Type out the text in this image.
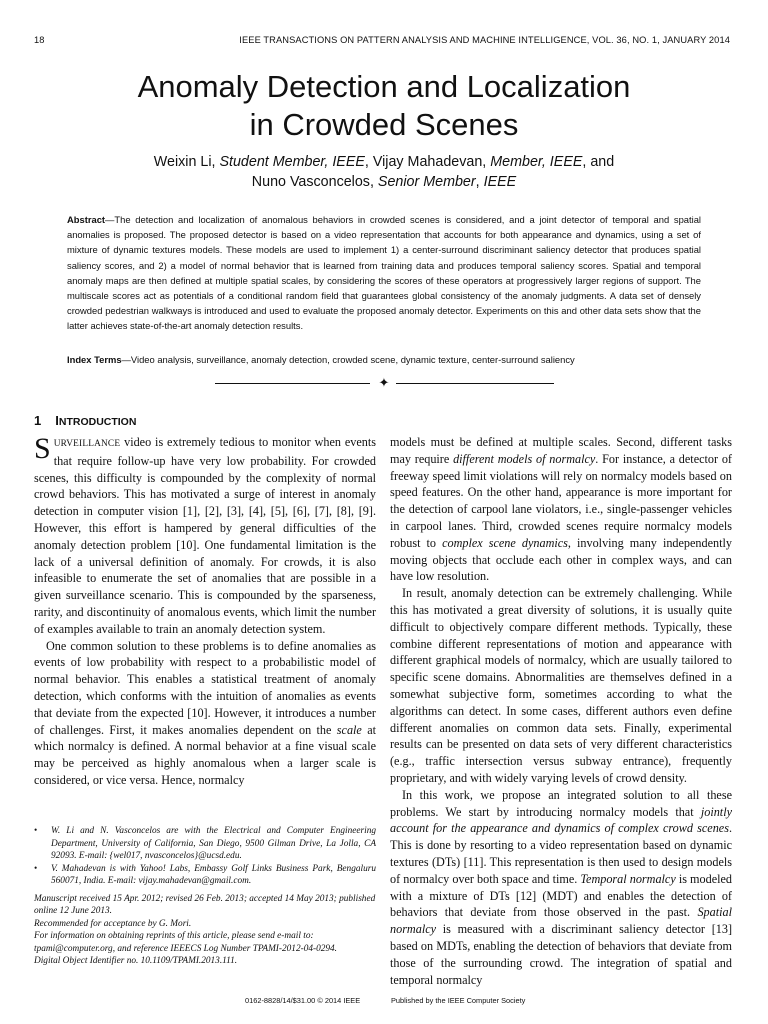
18	IEEE TRANSACTIONS ON PATTERN ANALYSIS AND MACHINE INTELLIGENCE, VOL. 36, NO. 1, JANUARY 2014
Anomaly Detection and Localization
in Crowded Scenes
Weixin Li, Student Member, IEEE, Vijay Mahadevan, Member, IEEE, and
Nuno Vasconcelos, Senior Member, IEEE
Abstract—The detection and localization of anomalous behaviors in crowded scenes is considered, and a joint detector of temporal and spatial anomalies is proposed. The proposed detector is based on a video representation that accounts for both appearance and dynamics, using a set of mixture of dynamic textures models. These models are used to implement 1) a center-surround discriminant saliency detector that produces spatial saliency scores, and 2) a model of normal behavior that is learned from training data and produces temporal saliency scores. Spatial and temporal anomaly maps are then defined at multiple spatial scales, by considering the scores of these operators at progressively larger regions of support. The multiscale scores act as potentials of a conditional random field that guarantees global consistency of the anomaly judgments. A data set of densely crowded pedestrian walkways is introduced and used to evaluate the proposed anomaly detector. Experiments on this and other data sets show that the latter achieves state-of-the-art anomaly detection results.
Index Terms—Video analysis, surveillance, anomaly detection, crowded scene, dynamic texture, center-surround saliency
✦
1 INTRODUCTION

SURVEILLANCE video is extremely tedious to monitor when events that require follow-up have very low probability. For crowded scenes, this difficulty is compounded by the complexity of normal crowd behaviors. This has motivated a surge of interest in anomaly detection in computer vision [1], [2], [3], [4], [5], [6], [7], [8], [9]. However, this effort is hampered by general difficulties of the anomaly detection problem [10]. One fundamental limitation is the lack of a universal definition of anomaly. For crowds, it is also infeasible to enumerate the set of anomalies that are possible in a given surveillance scenario. This is compounded by the sparseness, rarity, and discontinuity of anomalous events, which limit the number of examples available to train an anomaly detection system.

One common solution to these problems is to define anomalies as events of low probability with respect to a probabilistic model of normal behavior. This enables a statistical treatment of anomaly detection, which conforms with the intuition of anomalies as events that deviate from the expected [10]. However, it introduces a number of challenges. First, it makes anomalies dependent on the scale at which normalcy is defined. A normal behavior at a fine visual scale may be perceived as highly anomalous when a larger scale is considered, or vice versa. Hence, normalcy

• W. Li and N. Vasconcelos are with the Electrical and Computer Engineering Department, University of California, San Diego, 9500 Gilman Drive, La Jolla, CA 92093. E-mail: {wel017, nvasconcelos}@ucsd.edu.
• V. Mahadevan is with Yahoo! Labs, Embassy Golf Links Business Park, Bengaluru 560071, India. E-mail: vijay.mahadevan@gmail.com.
Manuscript received 15 Apr. 2012; revised 26 Feb. 2013; accepted 14 May 2013; published online 12 June 2013.
Recommended for acceptance by G. Mori.
For information on obtaining reprints of this article, please send e-mail to: tpami@computer.org, and reference IEEECS Log Number TPAMI-2012-04-0294.
Digital Object Identifier no. 10.1109/TPAMI.2013.111.

models must be defined at multiple scales. Second, different tasks may require different models of normalcy. For instance, a detector of freeway speed limit violations will rely on normalcy models based on speed features. On the other hand, appearance is more important for the detection of carpool lane violators, i.e., single-passenger vehicles in carpool lanes. Third, crowded scenes require normalcy models robust to complex scene dynamics, involving many independently moving objects that occlude each other in complex ways, and can have low resolution.

In result, anomaly detection can be extremely challenging. While this has motivated a great diversity of solutions, it is usually quite difficult to objectively compare different methods. Typically, these combine different representations of motion and appearance with different graphical models of normalcy, which are usually tailored to specific scene domains. Abnormalities are themselves defined in a somewhat subjective form, sometimes according to what the algorithms can detect. In some cases, different authors even define different anomalies on common data sets. Finally, experimental results can be presented on data sets of very different characteristics (e.g., traffic intersection versus subway entrance), frequently proprietary, and with widely varying levels of crowd density.

In this work, we propose an integrated solution to all these problems. We start by introducing normalcy models that jointly account for the appearance and dynamics of complex crowd scenes. This is done by resorting to a video representation based on dynamic textures (DTs) [11]. This representation is then used to design models of normalcy over both space and time. Temporal normalcy is modeled with a mixture of DTs [12] (MDT) and enables the detection of behaviors that deviate from those observed in the past. Spatial normalcy is measured with a discriminant saliency detector [13] based on MDTs, enabling the detection of behaviors that deviate from those of the surrounding crowd. The integration of spatial and temporal normalcy

0162-8828/14/$31.00 © 2014 IEEE	Published by the IEEE Computer Society
